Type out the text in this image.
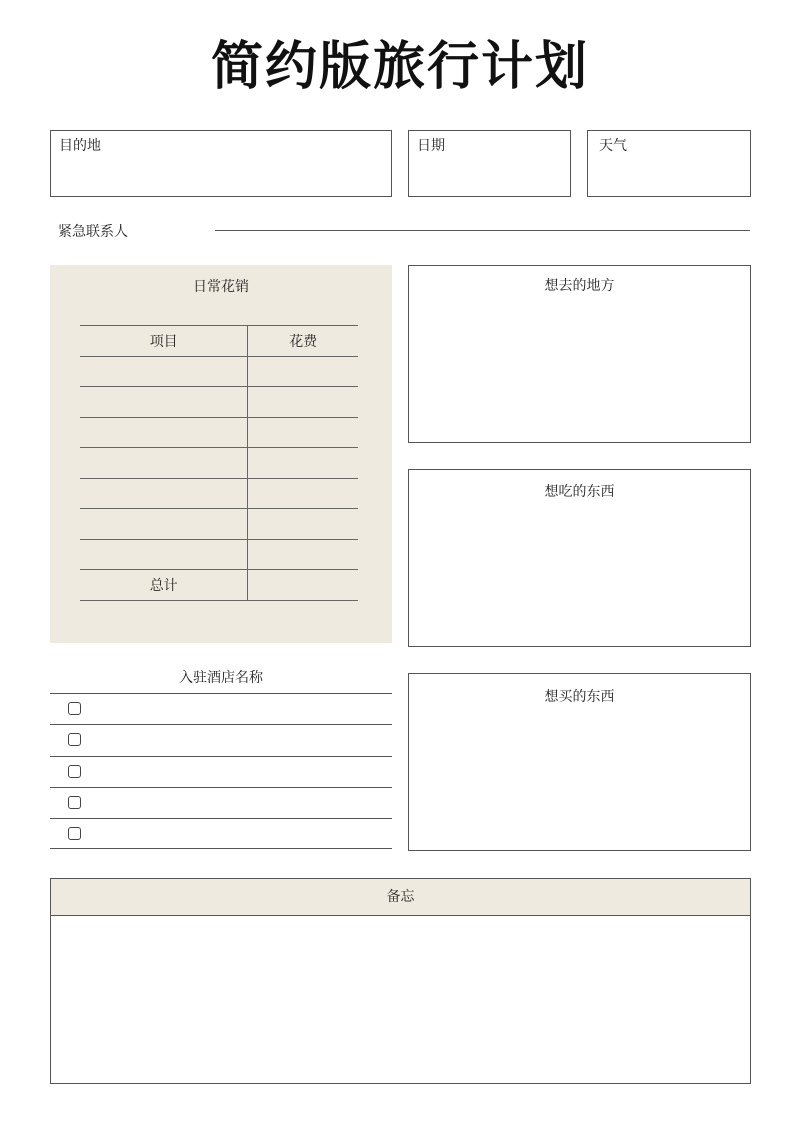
简约版旅行计划
目的地	日期	天气
紧急联系人
日常花销
项目	花费

总计	
想去的地方
想吃的东西
想买的东西
入驻酒店名称
备忘
